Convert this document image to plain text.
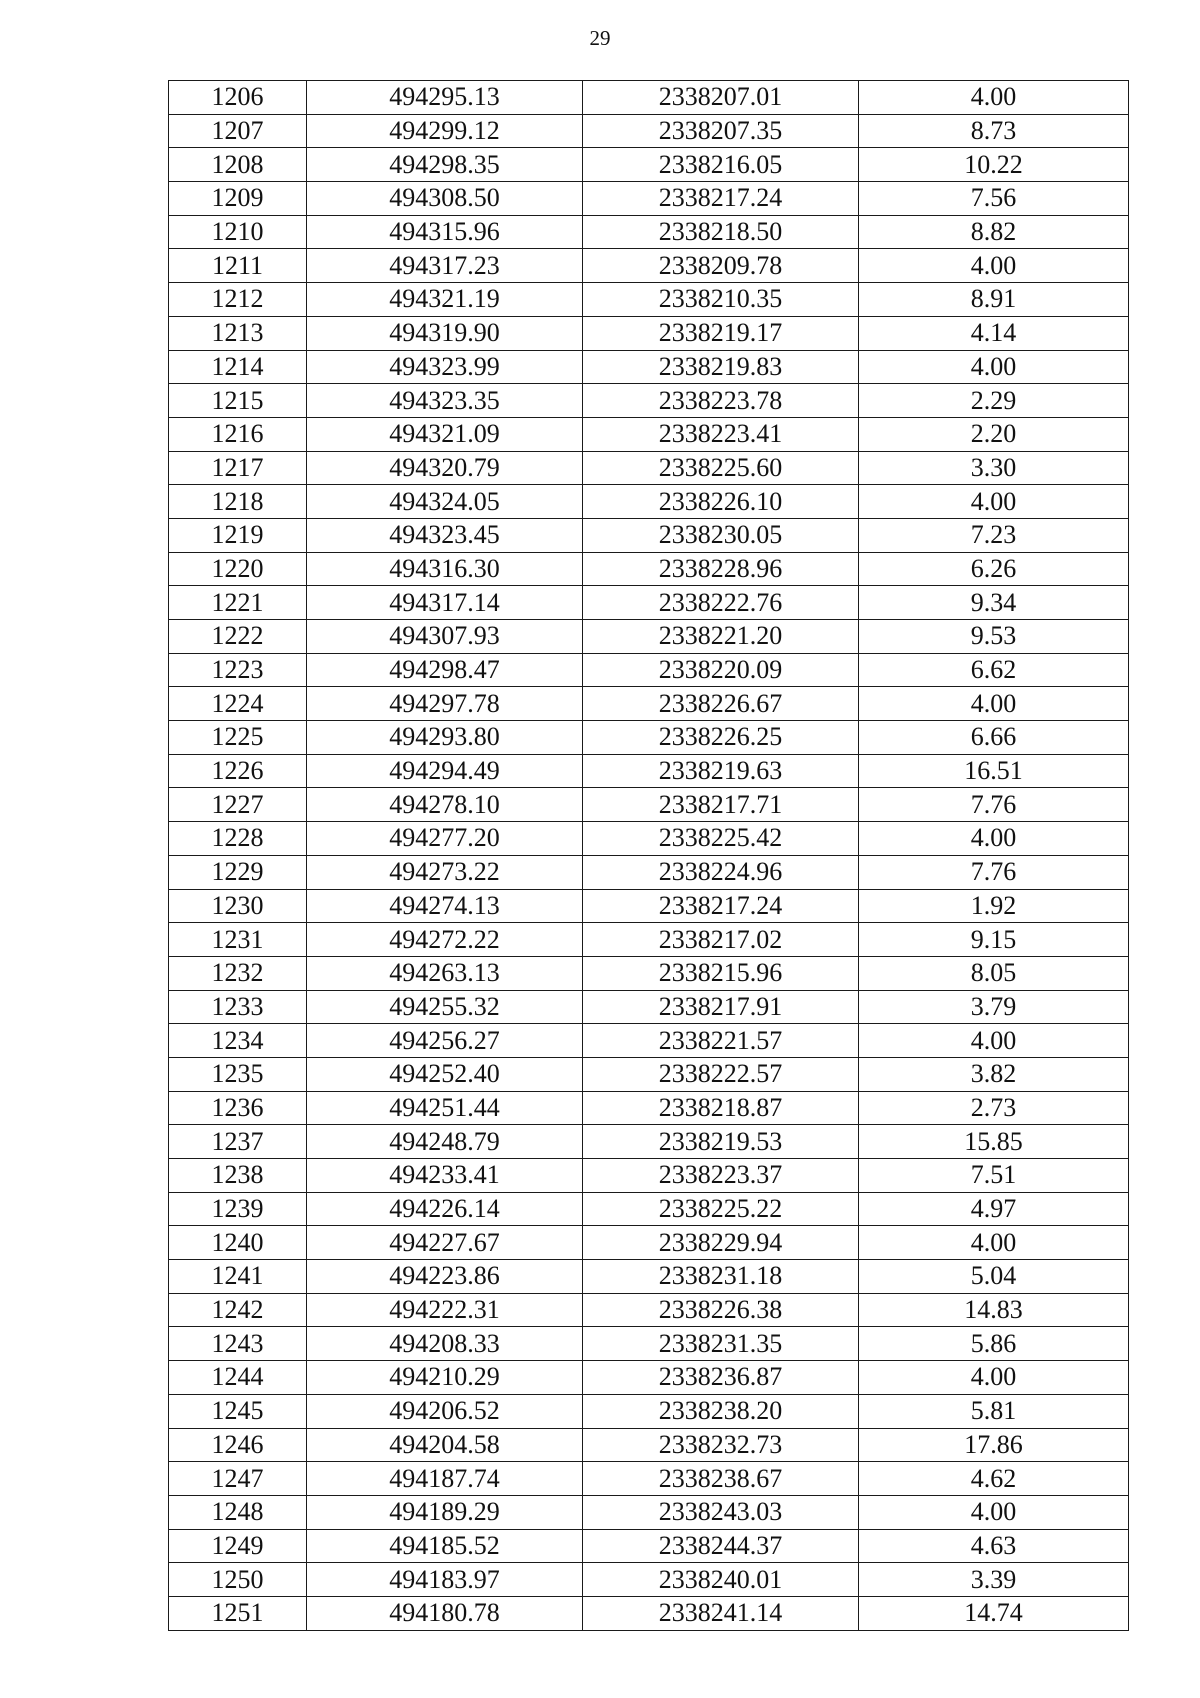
29
1206	494295.13	2338207.01	4.00
1207	494299.12	2338207.35	8.73
1208	494298.35	2338216.05	10.22
1209	494308.50	2338217.24	7.56
1210	494315.96	2338218.50	8.82
1211	494317.23	2338209.78	4.00
1212	494321.19	2338210.35	8.91
1213	494319.90	2338219.17	4.14
1214	494323.99	2338219.83	4.00
1215	494323.35	2338223.78	2.29
1216	494321.09	2338223.41	2.20
1217	494320.79	2338225.60	3.30
1218	494324.05	2338226.10	4.00
1219	494323.45	2338230.05	7.23
1220	494316.30	2338228.96	6.26
1221	494317.14	2338222.76	9.34
1222	494307.93	2338221.20	9.53
1223	494298.47	2338220.09	6.62
1224	494297.78	2338226.67	4.00
1225	494293.80	2338226.25	6.66
1226	494294.49	2338219.63	16.51
1227	494278.10	2338217.71	7.76
1228	494277.20	2338225.42	4.00
1229	494273.22	2338224.96	7.76
1230	494274.13	2338217.24	1.92
1231	494272.22	2338217.02	9.15
1232	494263.13	2338215.96	8.05
1233	494255.32	2338217.91	3.79
1234	494256.27	2338221.57	4.00
1235	494252.40	2338222.57	3.82
1236	494251.44	2338218.87	2.73
1237	494248.79	2338219.53	15.85
1238	494233.41	2338223.37	7.51
1239	494226.14	2338225.22	4.97
1240	494227.67	2338229.94	4.00
1241	494223.86	2338231.18	5.04
1242	494222.31	2338226.38	14.83
1243	494208.33	2338231.35	5.86
1244	494210.29	2338236.87	4.00
1245	494206.52	2338238.20	5.81
1246	494204.58	2338232.73	17.86
1247	494187.74	2338238.67	4.62
1248	494189.29	2338243.03	4.00
1249	494185.52	2338244.37	4.63
1250	494183.97	2338240.01	3.39
1251	494180.78	2338241.14	14.74
